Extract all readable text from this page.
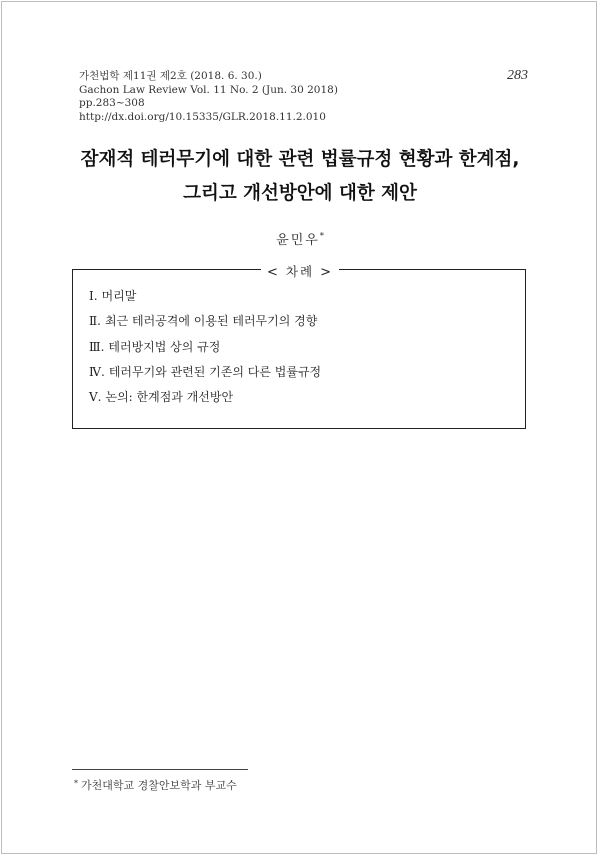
가천법학 제11권 제2호 (2018. 6. 30.)
Gachon Law Review Vol. 11 No. 2 (Jun. 30 2018)
pp.283~308
http://dx.doi.org/10.15335/GLR.2018.11.2.010
283
잠재적 테러무기에 대한 관련 법률규정 현황과 한계점,
그리고 개선방안에 대한 제안
윤민우*
< 차례 >
Ⅰ. 머리말
Ⅱ. 최근 테러공격에 이용된 테러무기의 경향
Ⅲ. 테러방지법 상의 규정
Ⅳ. 테러무기와 관련된 기존의 다른 법률규정
Ⅴ. 논의: 한계점과 개선방안
* 가천대학교 경찰안보학과 부교수
